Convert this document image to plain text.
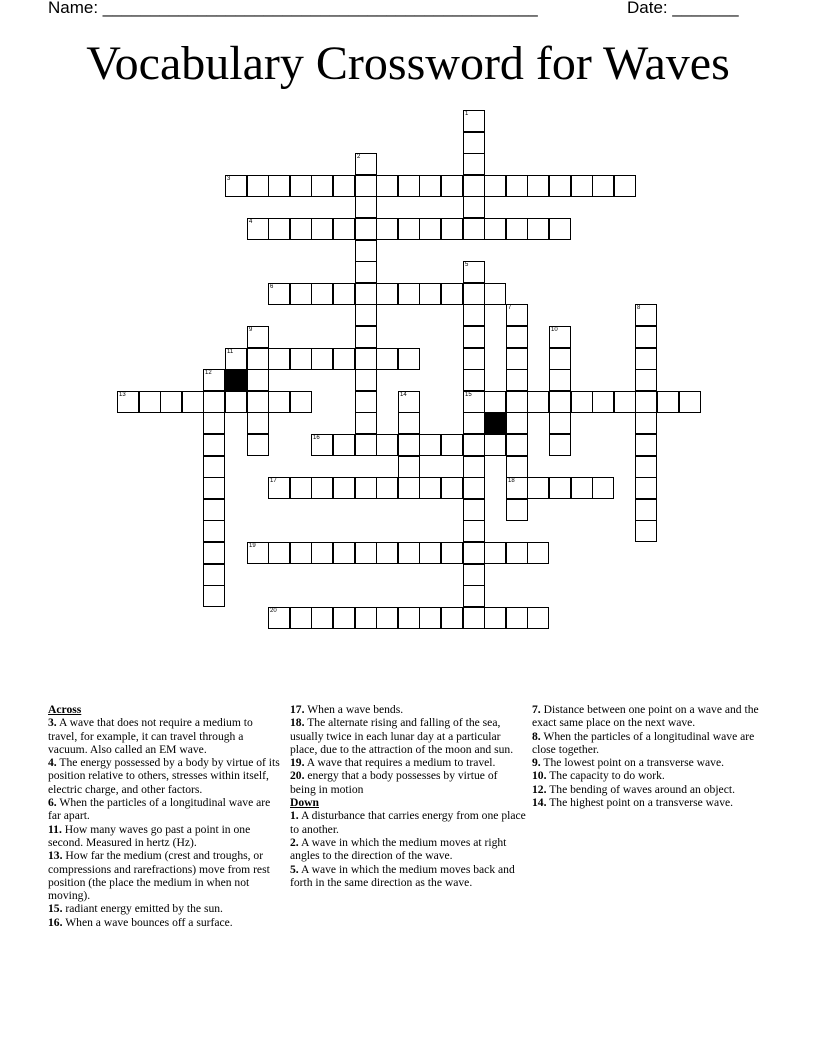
Name: ______________________________________________	Date: _______
Vocabulary Crossword for Waves
1
2
3
4
5
15
6
7
18
8
9	10
11
12
13	14
16
17
19
20

Across

3. A wave that does not require a medium to travel, for example, it can travel through a vacuum. Also called an EM wave.

4. The energy possessed by a body by virtue of its position relative to others, stresses within itself, electric charge, and other factors.

6. When the particles of a longitudinal wave are far apart.

11. How many waves go past a point in one second. Measured in hertz (Hz).

13. How far the medium (crest and troughs, or compressions and rarefractions) move from rest position (the place the medium in when not moving).

15. radiant energy emitted by the sun.

16. When a wave bounces off a surface.

17. When a wave bends.

18. The alternate rising and falling of the sea, usually twice in each lunar day at a particular place, due to the attraction of the moon and sun.

19. A wave that requires a medium to travel.

20. energy that a body possesses by virtue of being in motion

Down

1. A disturbance that carries energy from one place to another.

2. A wave in which the medium moves at right angles to the direction of the wave.

5. A wave in which the medium moves back and forth in the same direction as the wave.

7. Distance between one point on a wave and the exact same place on the next wave.

8. When the particles of a longitudinal wave are close together.

9. The lowest point on a transverse wave.

10. The capacity to do work.

12. The bending of waves around an object.

14. The highest point on a transverse wave.
